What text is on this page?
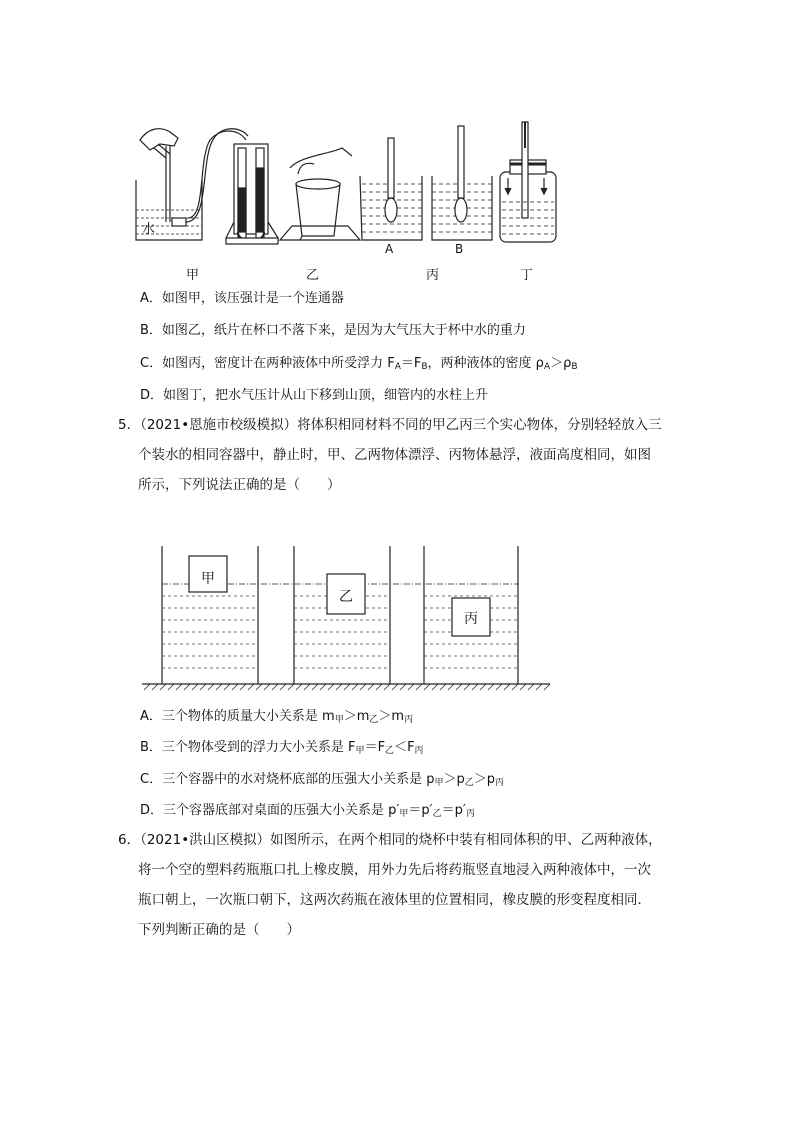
水
A	B
甲	乙	丙	丁
A．如图甲，该压强计是一个连通器
B．如图乙，纸片在杯口不落下来，是因为大气压大于杯中水的重力
C．如图丙，密度计在两种液体中所受浮力 $F_A=F_B$，两种液体的密度 $\rho_A>\rho_B$
D．如图丁，把水气压计从山下移到山顶，细管内的水柱上升
5．（2021•恩施市校级模拟）将体积相同材料不同的甲乙丙三个实心物体，分别轻轻放入三
个装水的相同容器中，静止时，甲、乙两物体漂浮、丙物体悬浮，液面高度相同，如图
所示，下列说法正确的是（　　）
甲
乙
丙
A．三个物体的质量大小关系是 $m_甲>m_乙>m_丙$
B．三个物体受到的浮力大小关系是 $F_甲=F_乙<F_丙$
C．三个容器中的水对烧杯底部的压强大小关系是 $p_甲>p_乙>p_丙$
D．三个容器底部对桌面的压强大小关系是 $p'_甲=p'_乙=p'_丙$
6．（2021•洪山区模拟）如图所示，在两个相同的烧杯中装有相同体积的甲、乙两种液体，
将一个空的塑料药瓶瓶口扎上橡皮膜，用外力先后将药瓶竖直地浸入两种液体中，一次
瓶口朝上，一次瓶口朝下，这两次药瓶在液体里的位置相同，橡皮膜的形变程度相同．
下列判断正确的是（　　）
